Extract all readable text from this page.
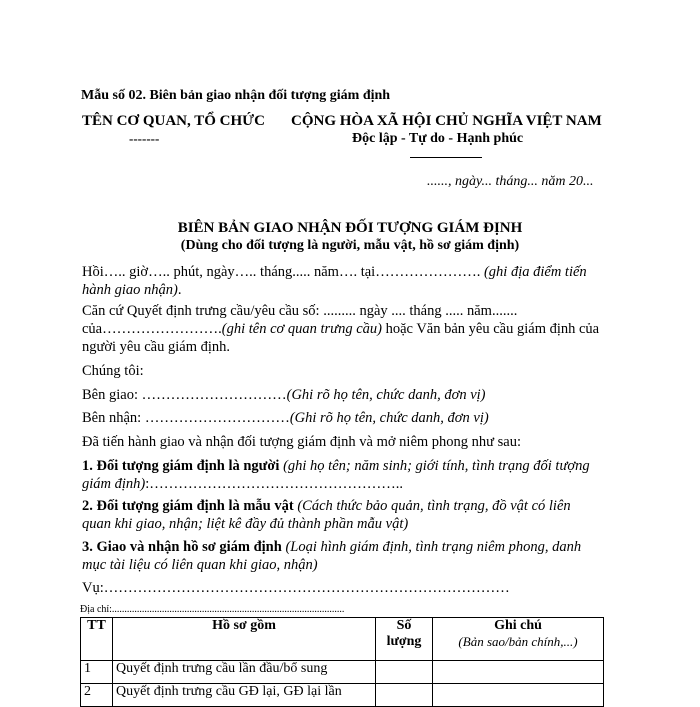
Mẫu số 02. Biên bản giao nhận đối tượng giám định
TÊN CƠ QUAN, TỔ CHỨC
-------
CỘNG HÒA XÃ HỘI CHỦ NGHĨA VIỆT NAM
Độc lập - Tự do - Hạnh phúc
......, ngày... tháng... năm 20...
BIÊN BẢN GIAO NHẬN ĐỐI TƯỢNG GIÁM ĐỊNH
(Dùng cho đối tượng là người, mẫu vật, hồ sơ giám định)
Hồi….. giờ….. phút, ngày….. tháng..... năm…. tại…………………. (ghi địa điểm tiến hành giao nhận).
Căn cứ Quyết định trưng cầu/yêu cầu số: ......... ngày .... tháng ..... năm.......
của…………………….(ghi tên cơ quan trưng cầu) hoặc Văn bản yêu cầu giám định của
người yêu cầu giám định.
Chúng tôi:
Bên giao: …………………………(Ghi rõ họ tên, chức danh, đơn vị)
Bên nhận: …………………………(Ghi rõ họ tên, chức danh, đơn vị)
Đã tiến hành giao và nhận đối tượng giám định và mở niêm phong như sau:
1. Đối tượng giám định là người (ghi họ tên; năm sinh; giới tính, tình trạng đối tượng giám định):……………………………………………..
2. Đối tượng giám định là mẫu vật (Cách thức bảo quản, tình trạng, đồ vật có liên quan khi giao, nhận; liệt kê đầy đủ thành phần mẫu vật)
3. Giao và nhận hồ sơ giám định (Loại hình giám định, tình trạng niêm phong, danh mục tài liệu có liên quan khi giao, nhận)
Vụ:…………………………………………………………………………
Địa chỉ:.............................................................................................
TT	Hồ sơ gồm	Số lượng	Ghi chú
(Bản sao/bản chính,...)

1	Quyết định trưng cầu lần đầu/bổ sung		
2	Quyết định trưng cầu GĐ lại, GĐ lại lần		
